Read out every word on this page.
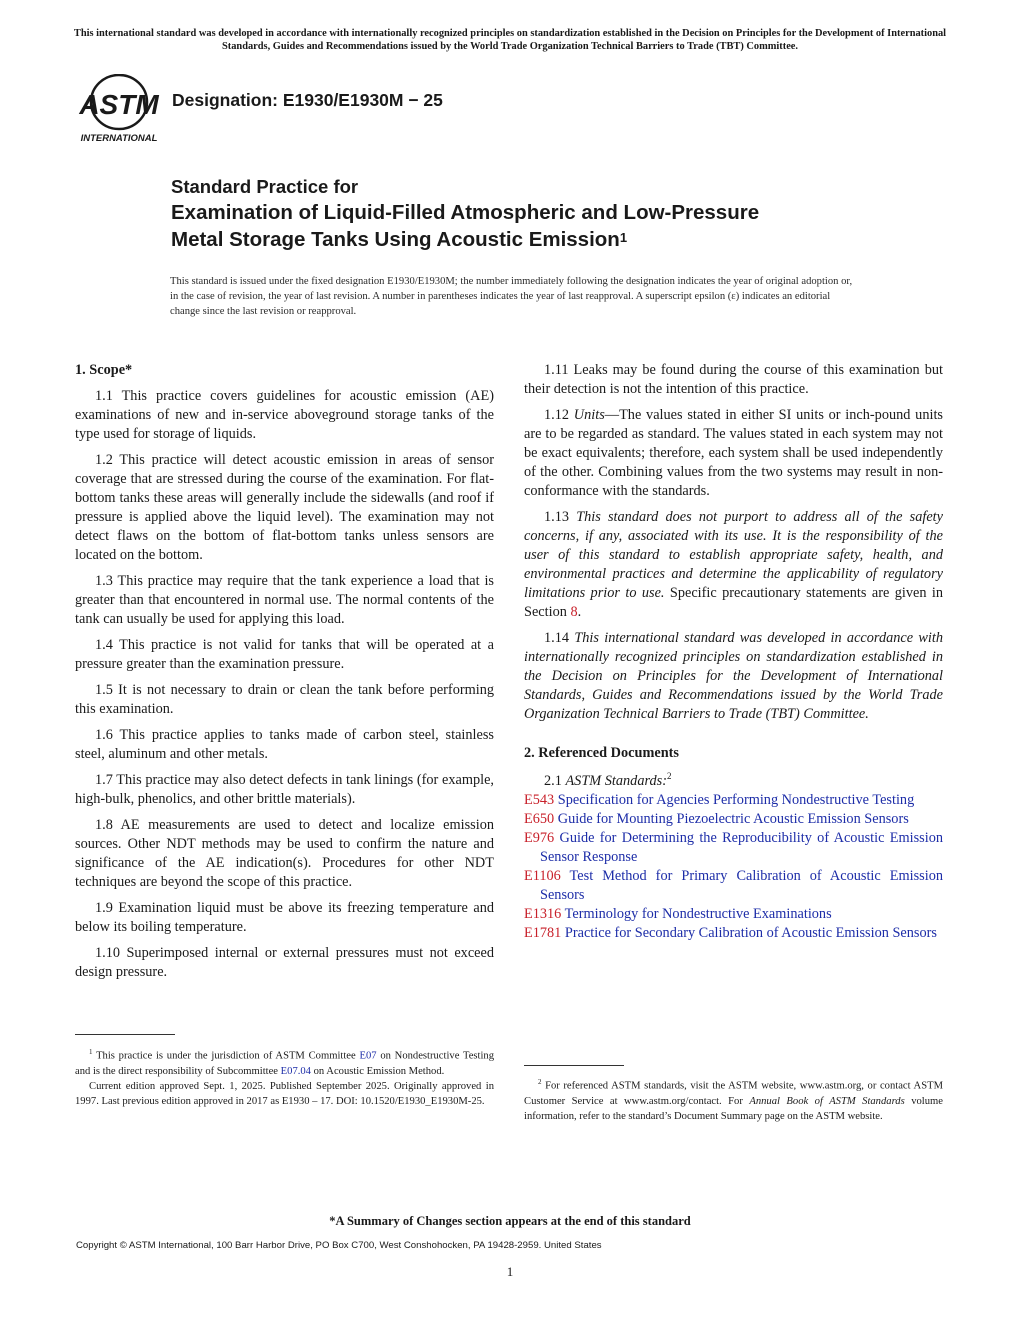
This international standard was developed in accordance with internationally recognized principles on standardization established in the Decision on Principles for the Development of International Standards, Guides and Recommendations issued by the World Trade Organization Technical Barriers to Trade (TBT) Committee.
ASTM
INTERNATIONAL
Designation: E1930/E1930M − 25
Standard Practice for
Examination of Liquid-Filled Atmospheric and Low-Pressure
Metal Storage Tanks Using Acoustic Emission$^1$
This standard is issued under the fixed designation E1930/E1930M; the number immediately following the designation indicates the year of original adoption or, in the case of revision, the year of last revision. A number in parentheses indicates the year of last reapproval. A superscript epsilon (ε) indicates an editorial change since the last revision or reapproval.

1. Scope*

1.1 This practice covers guidelines for acoustic emission (AE) examinations of new and in-service aboveground storage tanks of the type used for storage of liquids.

1.2 This practice will detect acoustic emission in areas of sensor coverage that are stressed during the course of the examination. For flat-bottom tanks these areas will generally include the sidewalls (and roof if pressure is applied above the liquid level). The examination may not detect flaws on the bottom of flat-bottom tanks unless sensors are located on the bottom.

1.3 This practice may require that the tank experience a load that is greater than that encountered in normal use. The normal contents of the tank can usually be used for applying this load.

1.4 This practice is not valid for tanks that will be operated at a pressure greater than the examination pressure.

1.5 It is not necessary to drain or clean the tank before performing this examination.

1.6 This practice applies to tanks made of carbon steel, stainless steel, aluminum and other metals.

1.7 This practice may also detect defects in tank linings (for example, high-bulk, phenolics, and other brittle materials).

1.8 AE measurements are used to detect and localize emission sources. Other NDT methods may be used to confirm the nature and significance of the AE indication(s). Procedures for other NDT techniques are beyond the scope of this practice.

1.9 Examination liquid must be above its freezing temperature and below its boiling temperature.

1.10 Superimposed internal or external pressures must not exceed design pressure.

1.11 Leaks may be found during the course of this examination but their detection is not the intention of this practice.

1.12 Units—The values stated in either SI units or inch-pound units are to be regarded as standard. The values stated in each system may not be exact equivalents; therefore, each system shall be used independently of the other. Combining values from the two systems may result in non-conformance with the standards.

1.13 This standard does not purport to address all of the safety concerns, if any, associated with its use. It is the responsibility of the user of this standard to establish appropriate safety, health, and environmental practices and determine the applicability of regulatory limitations prior to use. Specific precautionary statements are given in Section 8.

1.14 This international standard was developed in accordance with internationally recognized principles on standardization established in the Decision on Principles for the Development of International Standards, Guides and Recommendations issued by the World Trade Organization Technical Barriers to Trade (TBT) Committee.

2. Referenced Documents

2.1 ASTM Standards:$^2$

E543 Specification for Agencies Performing Nondestructive Testing

E650 Guide for Mounting Piezoelectric Acoustic Emission Sensors

E976 Guide for Determining the Reproducibility of Acoustic Emission Sensor Response

E1106 Test Method for Primary Calibration of Acoustic Emission Sensors

E1316 Terminology for Nondestructive Examinations

E1781 Practice for Secondary Calibration of Acoustic Emission Sensors

$^1$ This practice is under the jurisdiction of ASTM Committee E07 on Nondestructive Testing and is the direct responsibility of Subcommittee E07.04 on Acoustic Emission Method.

Current edition approved Sept. 1, 2025. Published September 2025. Originally approved in 1997. Last previous edition approved in 2017 as E1930 – 17. DOI: 10.1520/E1930_E1930M-25.

$^2$ For referenced ASTM standards, visit the ASTM website, www.astm.org, or contact ASTM Customer Service at www.astm.org/contact. For Annual Book of ASTM Standards volume information, refer to the standard’s Document Summary page on the ASTM website.

*A Summary of Changes section appears at the end of this standard
Copyright © ASTM International, 100 Barr Harbor Drive, PO Box C700, West Conshohocken, PA 19428-2959. United States
1
